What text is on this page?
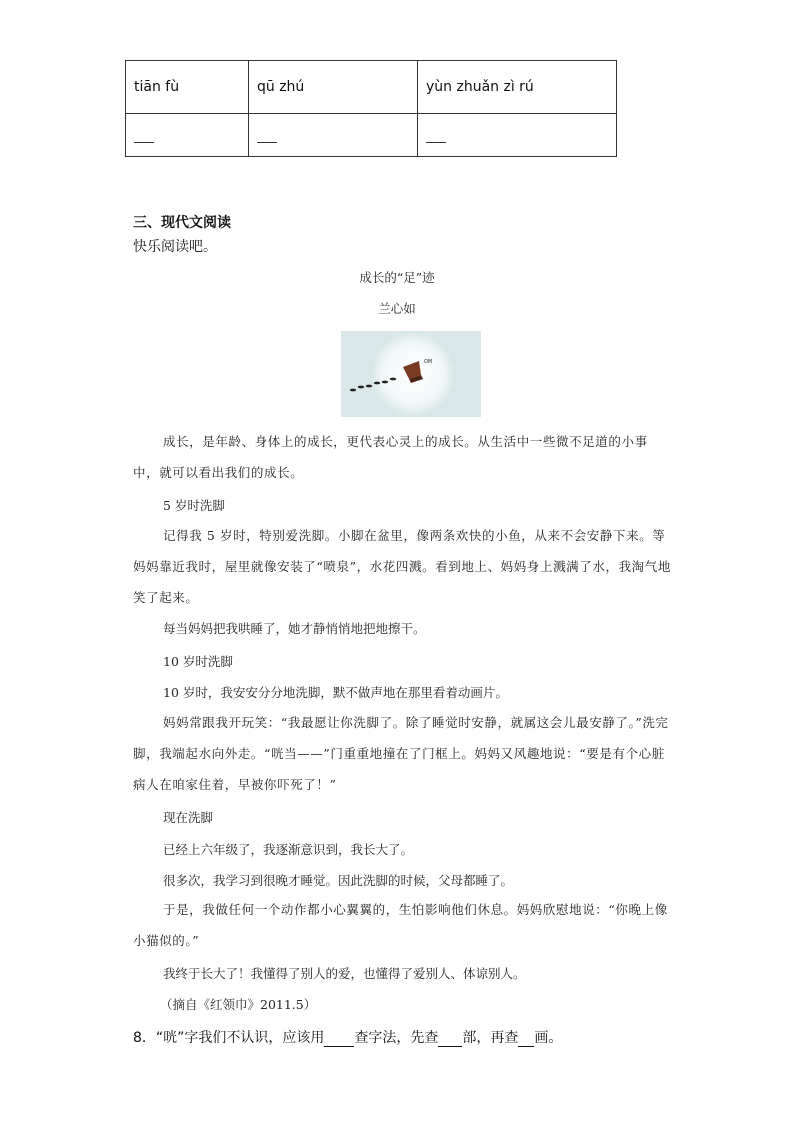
tiān fù	qū zhú	yùn zhuǎn zì rú

三、现代文阅读
快乐阅读吧。
成长的“足”迹
兰心如
OM
成长，是年龄、身体上的成长，更代表心灵上的成长。从生活中一些微不足道的小事中，就可以看出我们的成长。
5 岁时洗脚
记得我 5 岁时，特别爱洗脚。小脚在盆里，像两条欢快的小鱼，从来不会安静下来。等妈妈靠近我时，屋里就像安装了“喷泉”，水花四溅。看到地上、妈妈身上溅满了水，我淘气地笑了起来。
每当妈妈把我哄睡了，她才静悄悄地把地擦干。
10 岁时洗脚
10 岁时，我安安分分地洗脚，默不做声地在那里看着动画片。
妈妈常跟我开玩笑：“我最愿让你洗脚了。除了睡觉时安静，就属这会儿最安静了。”洗完脚，我端起水向外走。“咣当——”门重重地撞在了门框上。妈妈又风趣地说：“要是有个心脏病人在咱家住着，早被你吓死了！”
现在洗脚
已经上六年级了，我逐渐意识到，我长大了。
很多次，我学习到很晚才睡觉。因此洗脚的时候，父母都睡了。
于是，我做任何一个动作都小心翼翼的，生怕影响他们休息。妈妈欣慰地说：“你晚上像小猫似的。”
我终于长大了！我懂得了别人的爱，也懂得了爱别人、体谅别人。
（摘自《红领巾》2011.5）
8．“咣”字我们不认识，应该用 查字法，先查 部，再查 画。
